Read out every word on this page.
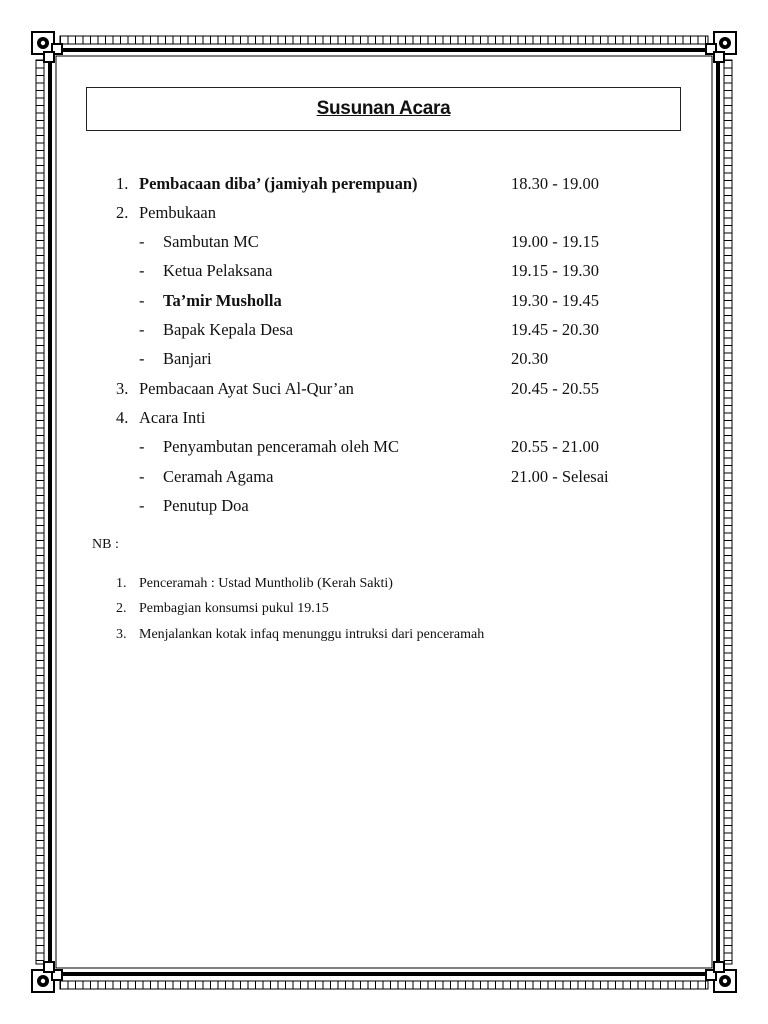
Susunan Acara
1. Pembacaan diba’ (jamiyah perempuan)	18.30 - 19.00
2. Pembukaan
- Sambutan MC	19.00 - 19.15
- Ketua Pelaksana	19.15 - 19.30
- Ta’mir Musholla	19.30 - 19.45
- Bapak Kepala Desa	19.45 - 20.30
- Banjari	20.30
3. Pembacaan Ayat Suci Al-Qur’an	20.45 - 20.55
4. Acara Inti
- Penyambutan penceramah oleh MC	20.55 - 21.00
- Ceramah Agama	21.00 - Selesai
- Penutup Doa
NB :
1. Penceramah : Ustad Muntholib (Kerah Sakti)
2. Pembagian konsumsi pukul 19.15
3. Menjalankan kotak infaq menunggu intruksi dari penceramah
